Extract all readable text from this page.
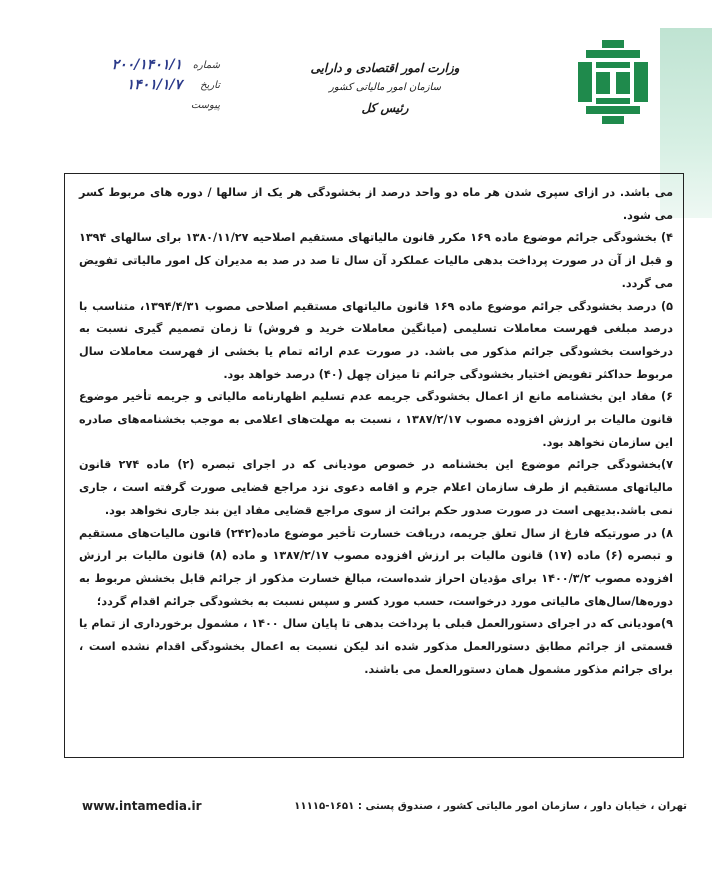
وزارت امور اقتصادی و دارایی
سازمان امور مالیاتی کشور
رئیس کل
شماره
۲۰۰/۱۴۰۱/۱
تاریخ
۱۴۰۱/۱/۷
پیوست

می باشد. در ازای سپری شدن هر ماه دو واحد درصد از بخشودگی هر یک از سالها / دوره های مربوط کسر می شود.

۴) بخشودگی جرائم موضوع ماده ۱۶۹ مکرر قانون مالیاتهای مستقیم اصلاحیه ۱۳۸۰/۱۱/۲۷ برای سالهای ۱۳۹۴ و قبل از آن در صورت پرداخت بدهی مالیات عملکرد آن سال تا صد در صد به مدیران کل امور مالیاتی تفویض می گردد.

۵) درصد بخشودگی جرائم موضوع ماده ۱۶۹ قانون مالیاتهای مستقیم اصلاحی مصوب ۱۳۹۴/۴/۳۱، متناسب با درصد مبلغی فهرست معاملات تسلیمی (میانگین معاملات خرید و فروش) تا زمان تصمیم گیری نسبت به درخواست بخشودگی جرائم مذکور می باشد. در صورت عدم ارائه تمام یا بخشی از فهرست معاملات سال مربوط حداکثر تفویض اختیار بخشودگی جرائم تا میزان چهل (۴۰) درصد خواهد بود.

۶) مفاد این بخشنامه مانع از اعمال بخشودگی جریمه عدم تسلیم اظهارنامه مالیاتی و جریمه تأخیر موضوع قانون مالیات بر ارزش افزوده مصوب ۱۳۸۷/۲/۱۷ ، نسبت به مهلت‌های اعلامی به موجب بخشنامه‌های صادره این سازمان نخواهد بود.

۷)بخشودگی جرائم موضوع این بخشنامه در خصوص مودیانی که در اجرای تبصره (۲) ماده ۲۷۴ قانون مالیاتهای مستقیم از طرف سازمان اعلام جرم و اقامه دعوی نزد مراجع قضایی صورت گرفته است ، جاری نمی باشد.بدیهی است در صورت صدور حکم برائت از سوی مراجع قضایی مفاد این بند جاری نخواهد بود.

۸) در صورتیکه فارغ از سال تعلق جریمه، دریافت خسارت تأخیر موضوع ماده(۲۴۲) قانون مالیات‌های مستقیم و تبصره (۶) ماده (۱۷) قانون مالیات بر ارزش افزوده مصوب ۱۳۸۷/۲/۱۷ و ماده (۸) قانون مالیات بر ارزش افزوده مصوب ۱۴۰۰/۳/۲ برای مؤدیان احراز شده‌است، مبالغ خسارت مذکور از جرائم قابل بخشش مربوط به دوره‌ها/سال‌های مالیاتی مورد درخواست، حسب مورد کسر و سپس نسبت به بخشودگی جرائم اقدام گردد؛

۹)مودیانی که در اجرای دستورالعمل قبلی با پرداخت بدهی تا پایان سال ۱۴۰۰ ، مشمول برخورداری از تمام یا قسمتی از جرائم مطابق دستورالعمل مذکور شده اند لیکن نسبت به اعمال بخشودگی اقدام نشده است ، برای جرائم مذکور مشمول همان دستورالعمل می باشند.

www.intamedia.ir	تهران ، خیابان داور ، سازمان امور مالیاتی کشور ، صندوق پستی : ۱۶۵۱-۱۱۱۱۵
